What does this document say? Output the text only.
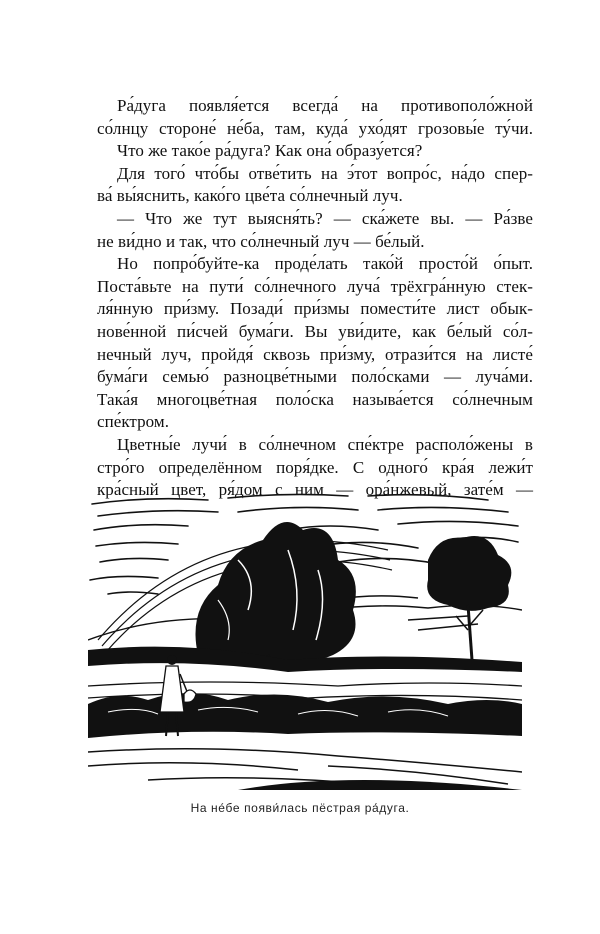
Ра́дуга появля́ется всегда́ на противополо́жной
со́лнцу стороне́ не́ба, там, куда́ ухо́дят грозовы́е ту́чи.
Что же тако́е ра́дуга? Как она́ образу́ется?
Для того́ что́бы отве́тить на э́тот вопро́с, на́до спер-
ва́ вы́яснить, како́го цве́та со́лнечный луч.
— Что же тут выясня́ть? — ска́жете вы. — Ра́зве
не ви́дно и так, что со́лнечный луч — бе́лый.
Но попро́буйте-ка проде́лать тако́й просто́й о́пыт.
Поста́вьте на пути́ со́лнечного луча́ трёхгра́нную стек-
ля́нную при́зму. Позади́ при́змы помести́те лист обык-
нове́нной пи́счей бума́ги. Вы уви́дите, как бе́лый со́л-
нечный луч, пройдя́ сквозь при́зму, отрази́тся на листе́
бума́ги семью́ разноцве́тными поло́сками — луча́ми.
Така́я многоцве́тная поло́ска называ́ется со́лнечным
спе́ктром.
Цветны́е лучи́ в со́лнечном спе́ктре располо́жены в
стро́го определённом поря́дке. С одного́ кра́я лежи́т
кра́сный цвет, ря́дом с ним — ора́нжевый, зате́м —
На не́бе появи́лась пёстрая ра́дуга.
